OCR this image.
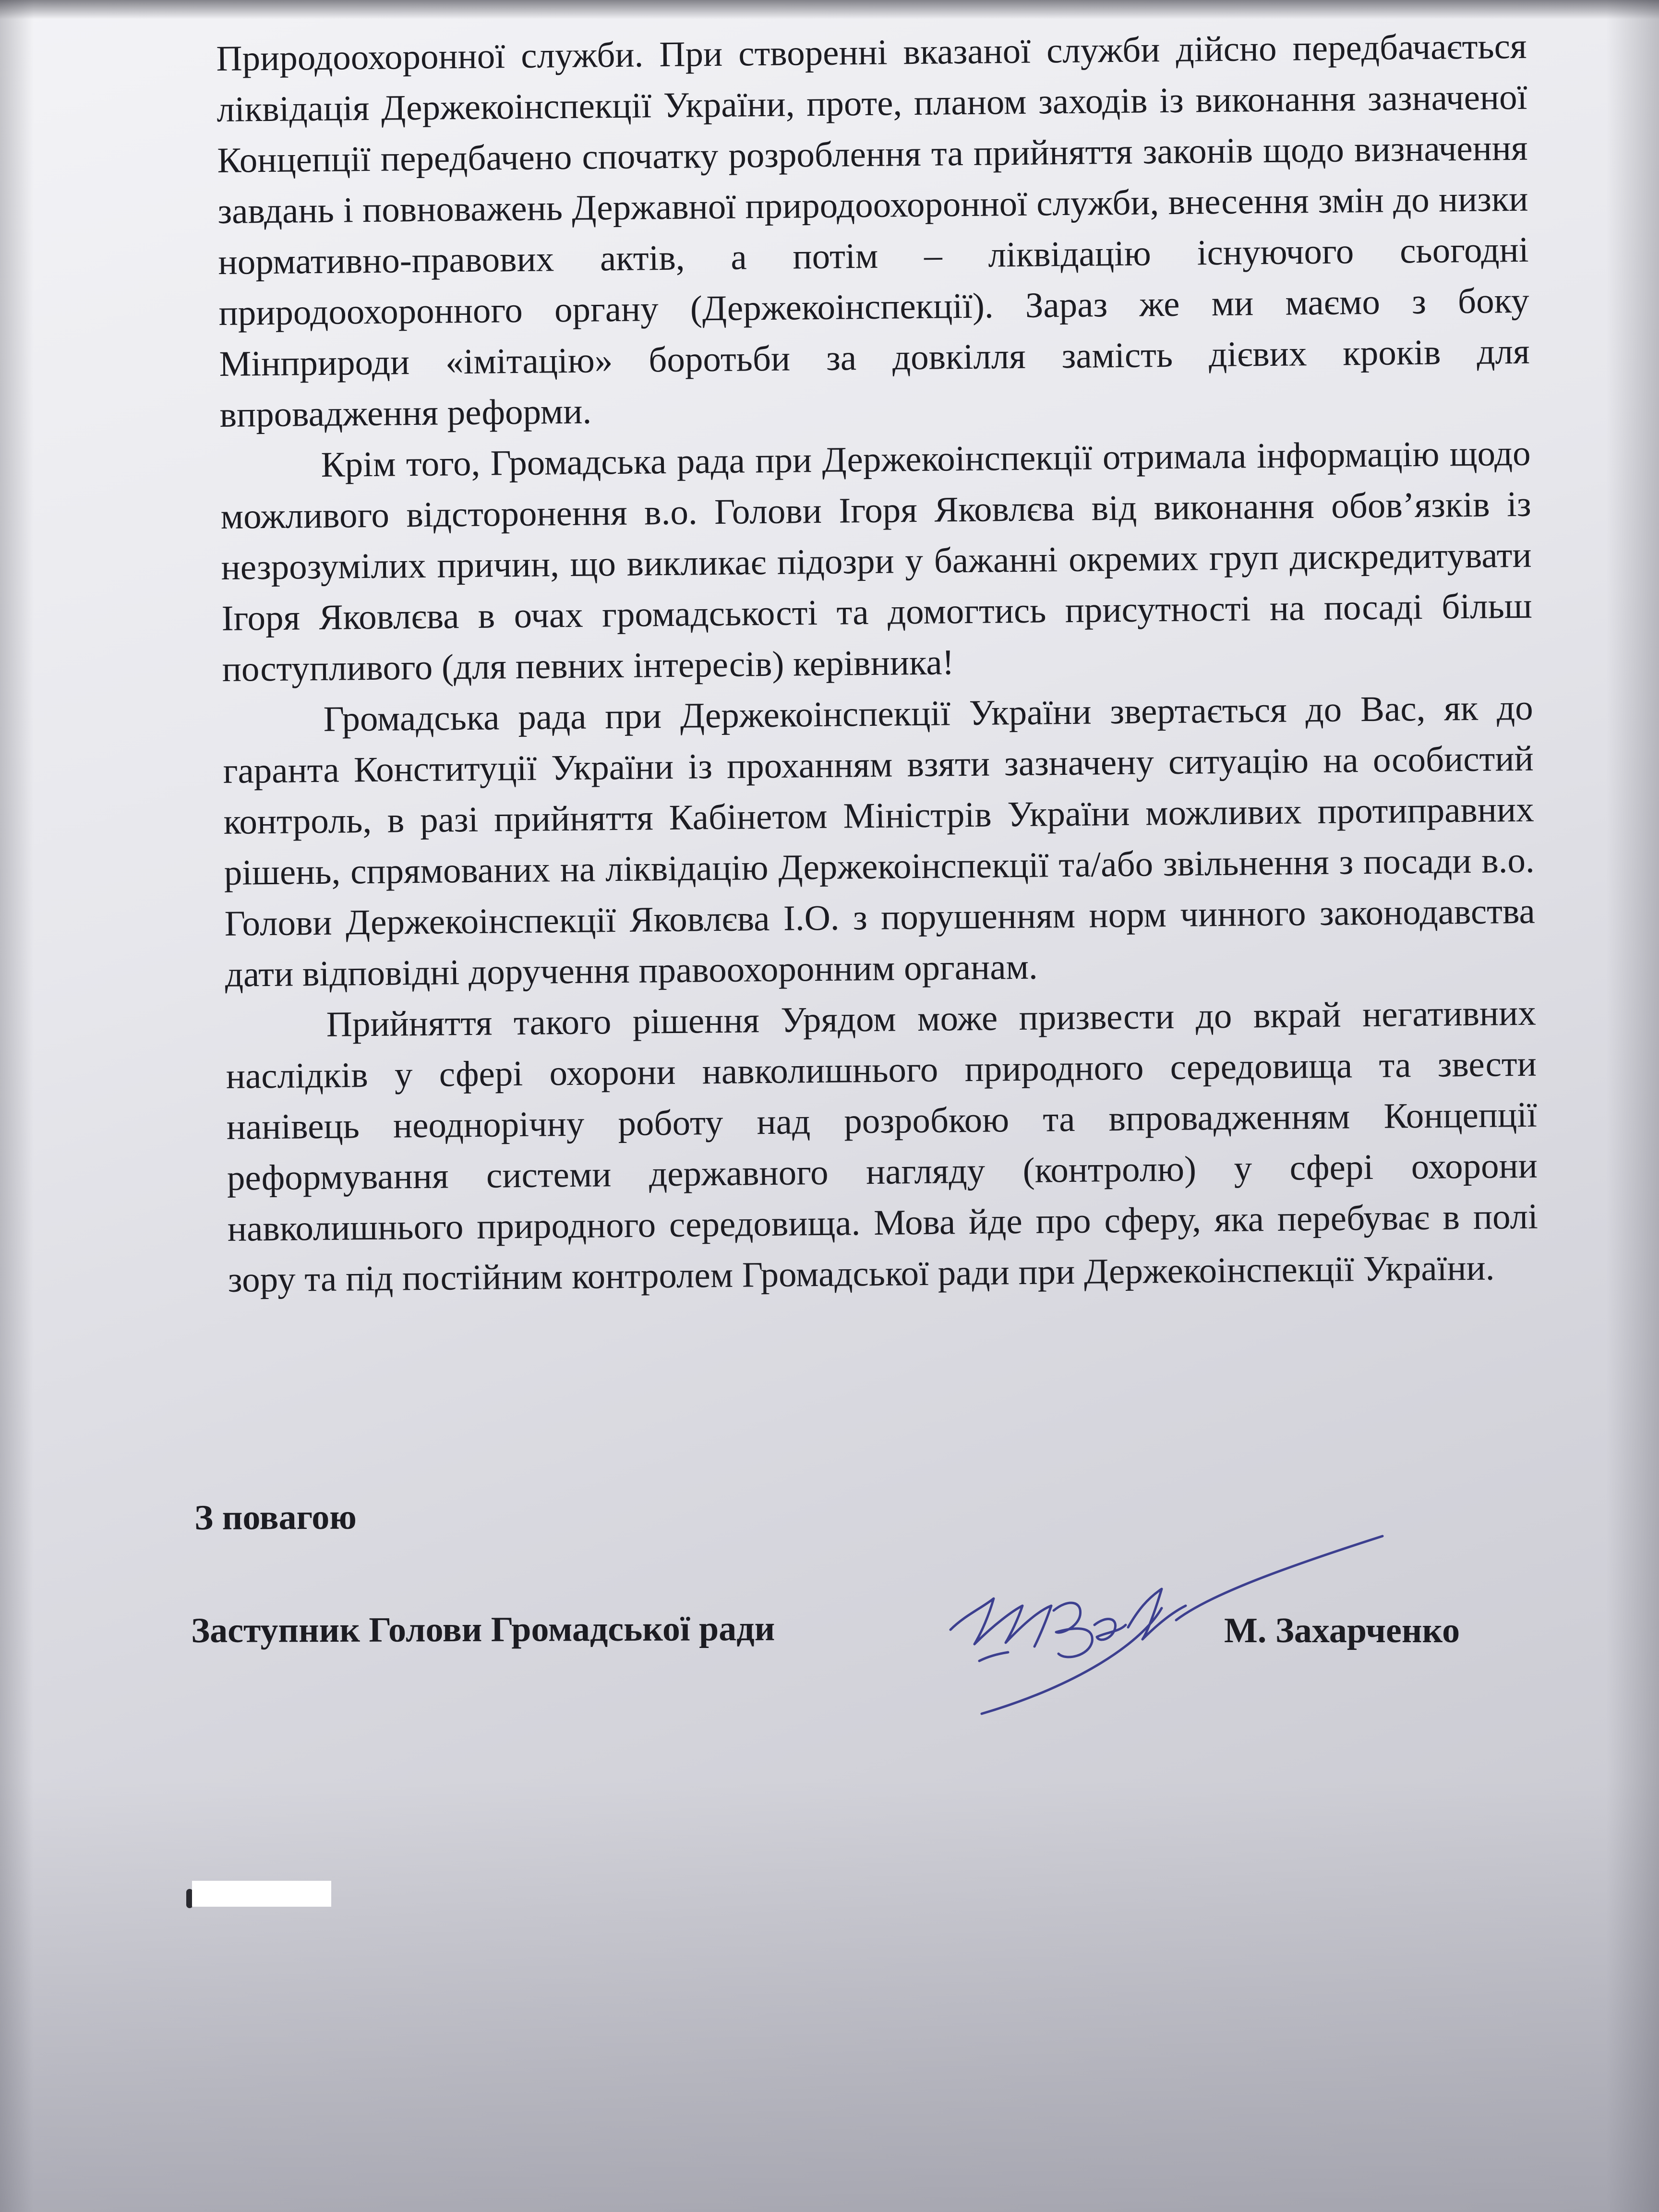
Природоохоронної служби. При створенні вказаної служби дійсно передбачається ліквідація Держекоінспекції України, проте, планом заходів із виконання зазначеної Концепції передбачено спочатку розроблення та прийняття законів щодо визначення завдань і повноважень Державної природоохоронної служби, внесення змін до низки нормативно-правових актів, а потім – ліквідацію існуючого сьогодні природоохоронного органу (Держекоінспекції). Зараз же ми маємо з боку Мінприроди «імітацію» боротьби за довкілля замість дієвих кроків для впровадження реформи.

Крім того, Громадська рада при Держекоінспекції отримала інформацію щодо можливого відсторонення в.о. Голови Ігоря Яковлєва від виконання обов’язків із незрозумілих причин, що викликає підозри у бажанні окремих груп дискредитувати Ігоря Яковлєва в очах громадськості та домогтись присутності на посаді більш поступливого (для певних інтересів) керівника!

Громадська рада при Держекоінспекції України звертається до Вас, як до гаранта Конституції України із проханням взяти зазначену ситуацію на особистий контроль, в разі прийняття Кабінетом Міністрів України можливих протиправних рішень, спрямованих на ліквідацію Держекоінспекції та/або звільнення з посади в.о. Голови Держекоінспекції Яковлєва І.О. з порушенням норм чинного законодавства дати відповідні доручення правоохоронним органам.

Прийняття такого рішення Урядом може призвести до вкрай негативних наслідків у сфері охорони навколишнього природного середовища та звести нанівець неоднорічну роботу над розробкою та впровадженням Концепції реформування системи державного нагляду (контролю) у сфері охорони навколишнього природного середовища. Мова йде про сферу, яка перебуває в полі зору та під постійним контролем Громадської ради при Держекоінспекції України.

З повагою
Заступник Голови Громадської ради	М. Захарченко
